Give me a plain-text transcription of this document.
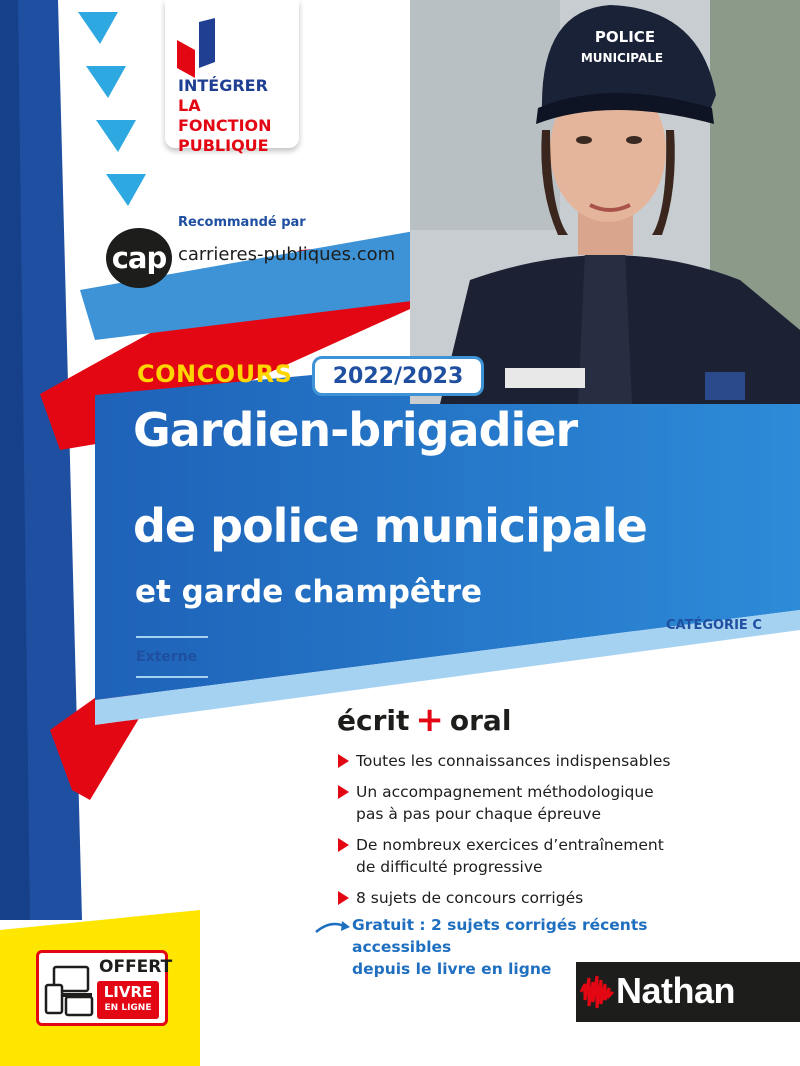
POLICE
MUNICIPALE
INTÉGRER
LA FONCTION
PUBLIQUE
Recommandé par
cap carrieres-publiques.com
CONCOURS	2022/2023
Gardien-brigadier
de police municipale
et garde champêtre
CATÉGORIE C
Externe
écrit + oral
Toutes les connaissances indispensables
Un accompagnement méthodologique
pas à pas pour chaque épreuve
De nombreux exercices d’entraînement
de difficulté progressive
8 sujets de concours corrigés
Gratuit : 2 sujets corrigés récents accessibles
depuis le livre en ligne
OFFERT
LIVRE
EN LIGNE	Nathan
